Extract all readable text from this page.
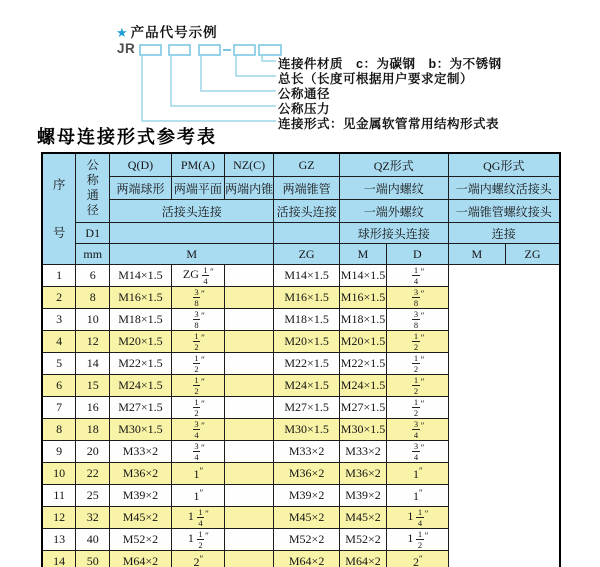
★ 产品代号示例
JR
连接件材质　c：为碳钢　b：为不锈钢
总长（长度可根据用户要求定制）
公称通径
公称压力
连接形式：见金属软管常用结构形式表
螺母连接形式参考表
序号	公称通径	Q(D)	PM(A)	NZ(C)	GZ	QZ形式		QG形式	
		两端球形	两端平面	两端内锥	两端锥管	一端内螺纹		一端内螺纹活接头	
		活接头连接			活接头连接	一端外螺纹		一端锥管螺纹接头	
	D1					球形接头连接		连接	
	mm	M			ZG	M	D	M	ZG
1	6	M14×1.5	ZG $\frac{1}{4} ''$		M14×1.5	M14×1.5	$\frac{1}{4} ''$
2	8	M16×1.5	$\frac{3}{8} ''$		M16×1.5	M16×1.5	$\frac{3}{8} ''$
3	10	M18×1.5	$\frac{3}{8} ''$		M18×1.5	M18×1.5	$\frac{3}{8} ''$
4	12	M20×1.5	$\frac{1}{2} ''$		M20×1.5	M20×1.5	$\frac{1}{2} ''$
5	14	M22×1.5	$\frac{1}{2} ''$		M22×1.5	M22×1.5	$\frac{1}{2} ''$
6	15	M24×1.5	$\frac{1}{2} ''$		M24×1.5	M24×1.5	$\frac{1}{2} ''$
7	16	M27×1.5	$\frac{1}{2} ''$		M27×1.5	M27×1.5	$\frac{1}{2} ''$
8	18	M30×1.5	$\frac{3}{4} ''$		M30×1.5	M30×1.5	$\frac{3}{4} ''$
9	20	M33×2	$\frac{3}{4} ''$		M33×2	M33×2	$\frac{3}{4} ''$
10	22	M36×2	1″		M36×2	M36×2	1″
11	25	M39×2	1″		M39×2	M39×2	1″
12	32	M45×2	$1 \frac{1}{4} ''$		M45×2	M45×2	$1 \frac{1}{4} ''$
13	40	M52×2	$1 \frac{1}{2} ''$		M52×2	M52×2	$1 \frac{1}{2} ''$
14	50	M64×2	2″		M64×2	M64×2	2″
